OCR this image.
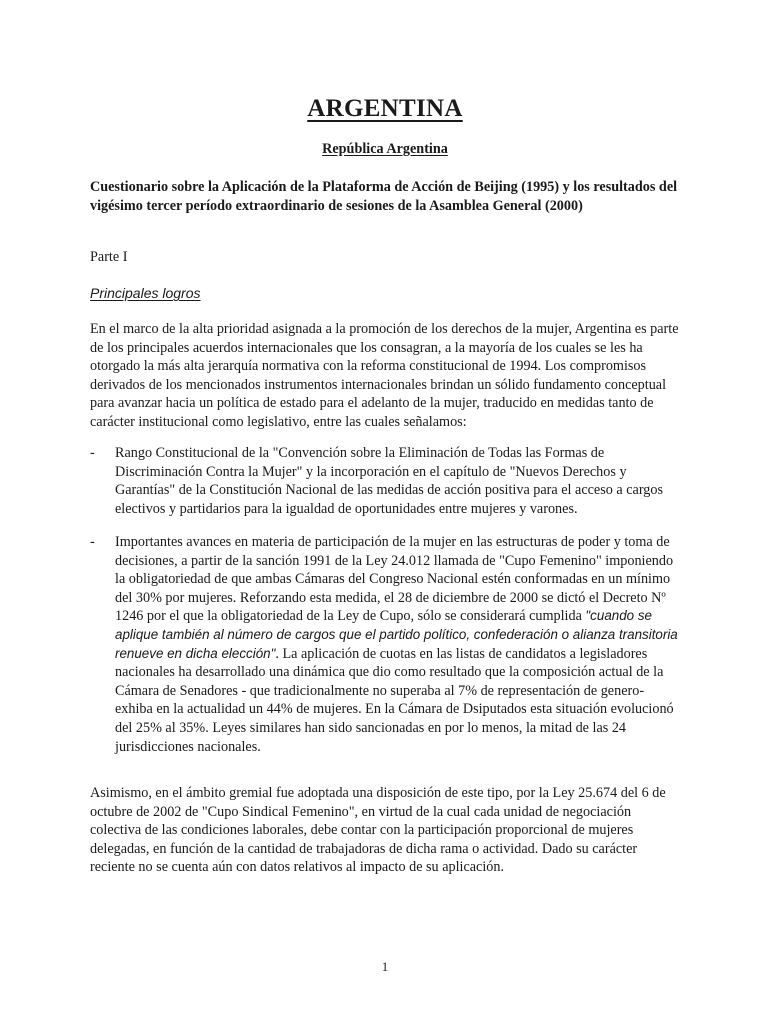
ARGENTINA
República Argentina
Cuestionario sobre la Aplicación de la Plataforma de Acción de Beijing (1995) y los resultados del vigésimo tercer período extraordinario de sesiones de la Asamblea General (2000)
Parte I
Principales logros
En el marco de la alta prioridad asignada a la promoción de los derechos de la mujer, Argentina es parte de los principales acuerdos internacionales que los consagran, a la mayoría de los cuales se les ha otorgado la más alta jerarquía normativa con la reforma constitucional de 1994. Los compromisos derivados de los mencionados instrumentos internacionales brindan un sólido fundamento conceptual para avanzar hacia un política de estado para el adelanto de la mujer, traducido en medidas tanto de carácter institucional como legislativo, entre las cuales señalamos:
-	Rango Constitucional de la "Convención sobre la Eliminación de Todas las Formas de Discriminación Contra la Mujer" y la incorporación en el capítulo de "Nuevos Derechos y Garantías" de la Constitución Nacional de las medidas de acción positiva para el acceso a cargos electivos y partidarios para la igualdad de oportunidades entre mujeres y varones.
-	Importantes avances en materia de participación de la mujer en las estructuras de poder y toma de decisiones, a partir de la sanción 1991 de la Ley 24.012 llamada de "Cupo Femenino" imponiendo la obligatoriedad de que ambas Cámaras del Congreso Nacional estén conformadas en un mínimo del 30% por mujeres. Reforzando esta medida, el 28 de diciembre de 2000 se dictó el Decreto Nº 1246 por el que la obligatoriedad de la Ley de Cupo, sólo se considerará cumplida "cuando se aplique también al número de cargos que el partido político, confederación o alianza transitoria renueve en dicha elección". La aplicación de cuotas en las listas de candidatos a legisladores nacionales ha desarrollado una dinámica que dio como resultado que la composición actual de la Cámara de Senadores - que tradicionalmente no superaba al 7% de representación de genero- exhiba en la actualidad un 44% de mujeres. En la Cámara de Dsiputados esta situación evolucionó del 25% al 35%. Leyes similares han sido sancionadas en por lo menos, la mitad de las 24 jurisdicciones nacionales.
Asimismo, en el ámbito gremial fue adoptada una disposición de este tipo, por la Ley 25.674 del 6 de octubre de 2002 de "Cupo Sindical Femenino", en virtud de la cual cada unidad de negociación colectiva de las condiciones laborales, debe contar con la participación proporcional de mujeres delegadas, en función de la cantidad de trabajadoras de dicha rama o actividad. Dado su carácter reciente no se cuenta aún con datos relativos al impacto de su aplicación.
1
